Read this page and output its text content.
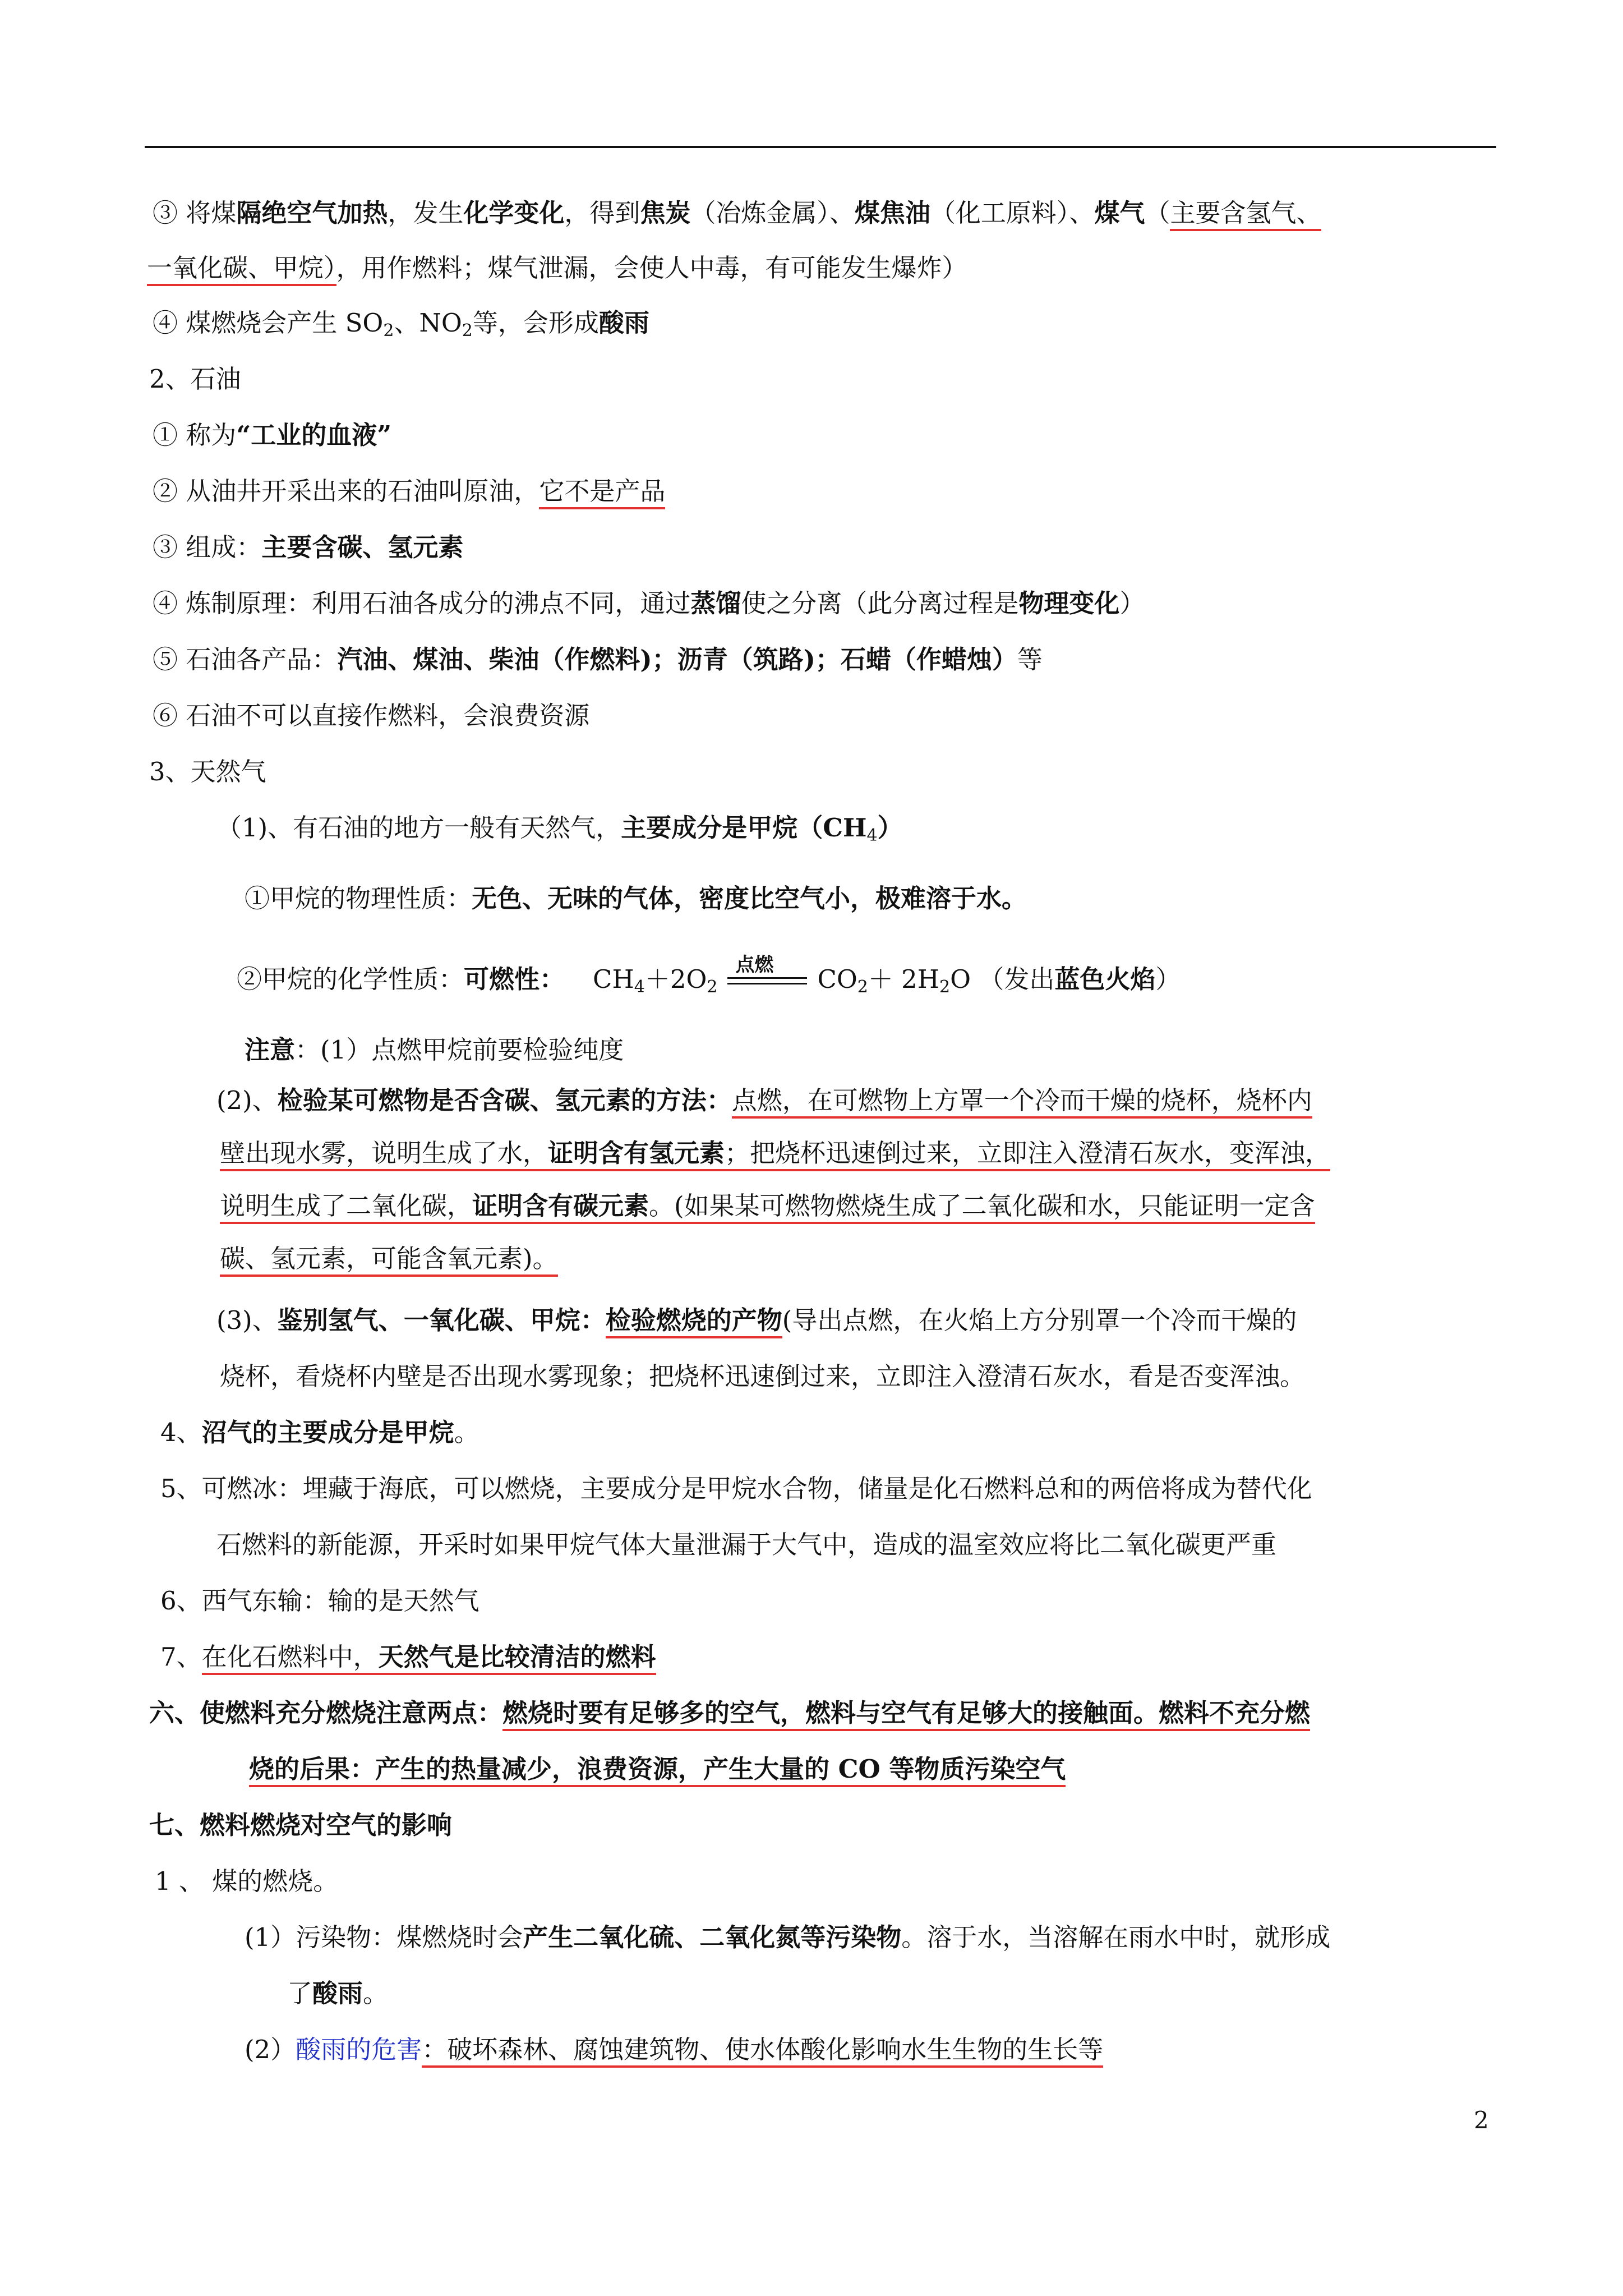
③ 将煤隔绝空气加热，发生化学变化，得到焦炭（冶炼金属）、煤焦油（化工原料）、煤气（主要含氢气、
一氧化碳、甲烷），用作燃料；煤气泄漏，会使人中毒，有可能发生爆炸）
④ 煤燃烧会产生 $SO_2$、$NO_2$等，会形成酸雨
2、石油
① 称为“工业的血液”
② 从油井开采出来的石油叫原油，它不是产品
③ 组成：主要含碳、氢元素
④ 炼制原理：利用石油各成分的沸点不同，通过蒸馏使之分离（此分离过程是物理变化）
⑤ 石油各产品：汽油、煤油、柴油（作燃料)；沥青（筑路)；石蜡（作蜡烛）等
⑥ 石油不可以直接作燃料，会浪费资源
3、天然气
（1)、有石油的地方一般有天然气，主要成分是甲烷$(CH_4)$
①甲烷的物理性质：无色、无味的气体，密度比空气小，极难溶于水。
②甲烷的化学性质：可燃性： $CH_4+2O_2$
点燃 $CO_2+ 2H_2O$ （发出蓝色火焰）
注意：(1）点燃甲烷前要检验纯度
(2)、检验某可燃物是否含碳、氢元素的方法：点燃，在可燃物上方罩一个冷而干燥的烧杯，烧杯内
壁出现水雾，说明生成了水，证明含有氢元素；把烧杯迅速倒过来，立即注入澄清石灰水，变浑浊，
说明生成了二氧化碳，证明含有碳元素。(如果某可燃物燃烧生成了二氧化碳和水，只能证明一定含
碳、氢元素，可能含氧元素)。
(3)、鉴别氢气、一氧化碳、甲烷：检验燃烧的产物(导出点燃，在火焰上方分别罩一个冷而干燥的
烧杯，看烧杯内壁是否出现水雾现象；把烧杯迅速倒过来，立即注入澄清石灰水，看是否变浑浊。
4、沼气的主要成分是甲烷。
5、可燃冰：埋藏于海底，可以燃烧，主要成分是甲烷水合物，储量是化石燃料总和的两倍将成为替代化
石燃料的新能源，开采时如果甲烷气体大量泄漏于大气中，造成的温室效应将比二氧化碳更严重
6、西气东输：输的是天然气
7、在化石燃料中，天然气是比较清洁的燃料
六、使燃料充分燃烧注意两点：燃烧时要有足够多的空气，燃料与空气有足够大的接触面。燃料不充分燃
烧的后果：产生的热量减少，浪费资源，产生大量的 CO 等物质污染空气
七、燃料燃烧对空气的影响
1 、 煤的燃烧。
(1）污染物：煤燃烧时会产生二氧化硫、二氧化氮等污染物。溶于水，当溶解在雨水中时，就形成
了酸雨。
(2）酸雨的危害：破坏森林、腐蚀建筑物、使水体酸化影响水生生物的生长等
2
